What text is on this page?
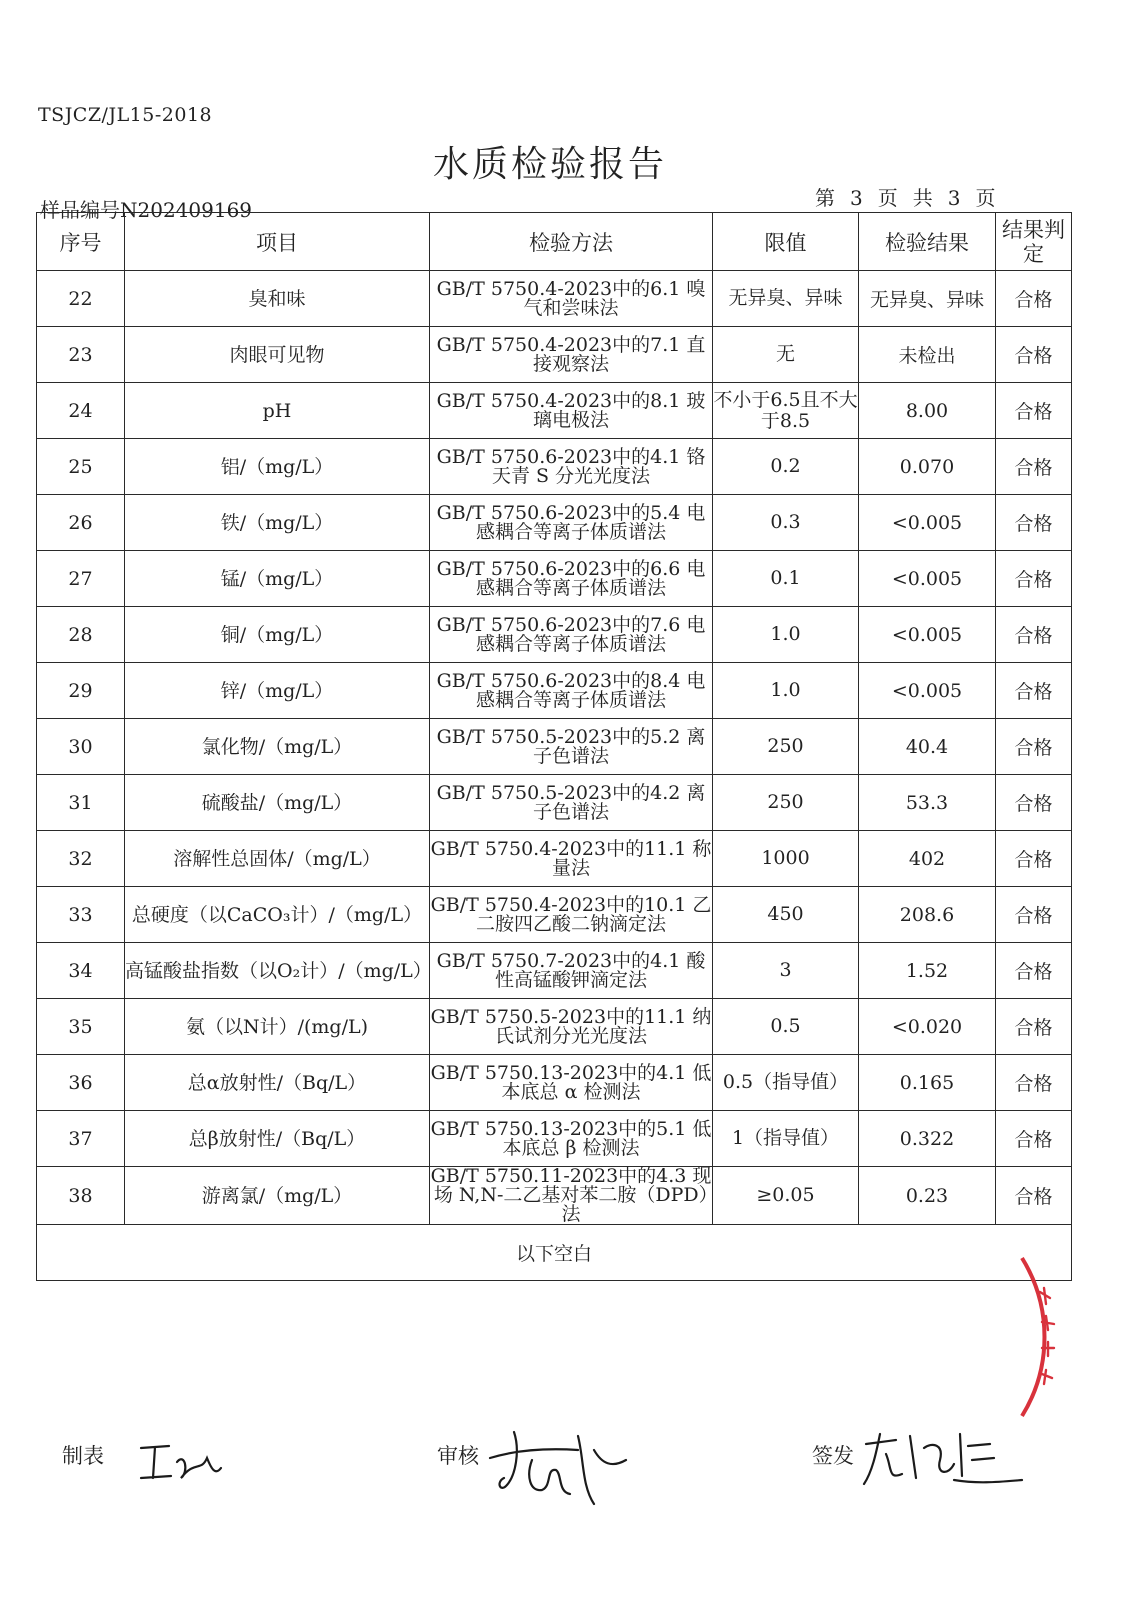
TSJCZ/JL15-2018
水质检验报告
样品编号N202409169	第 3 页 共 3 页
序号	项目	检验方法	限值	检验结果	结果判定
22	臭和味	GB/T 5750.4-2023中的6.1 嗅气和尝味法	无异臭、异味	无异臭、异味	合格
23	肉眼可见物	GB/T 5750.4-2023中的7.1 直接观察法	无	未检出	合格
24	pH	GB/T 5750.4-2023中的8.1 玻璃电极法	不小于6.5且不大于8.5	8.00	合格
25	铝/（mg/L）	GB/T 5750.6-2023中的4.1 铬天青 S 分光光度法	0.2	0.070	合格
26	铁/（mg/L）	GB/T 5750.6-2023中的5.4 电感耦合等离子体质谱法	0.3	<0.005	合格
27	锰/（mg/L）	GB/T 5750.6-2023中的6.6 电感耦合等离子体质谱法	0.1	<0.005	合格
28	铜/（mg/L）	GB/T 5750.6-2023中的7.6 电感耦合等离子体质谱法	1.0	<0.005	合格
29	锌/（mg/L）	GB/T 5750.6-2023中的8.4 电感耦合等离子体质谱法	1.0	<0.005	合格
30	氯化物/（mg/L）	GB/T 5750.5-2023中的5.2 离子色谱法	250	40.4	合格
31	硫酸盐/（mg/L）	GB/T 5750.5-2023中的4.2 离子色谱法	250	53.3	合格
32	溶解性总固体/（mg/L）	GB/T 5750.4-2023中的11.1 称量法	1000	402	合格
33	总硬度（以CaCO₃计）/（mg/L）	GB/T 5750.4-2023中的10.1 乙二胺四乙酸二钠滴定法	450	208.6	合格
34	高锰酸盐指数（以O₂计）/（mg/L）	GB/T 5750.7-2023中的4.1 酸性高锰酸钾滴定法	3	1.52	合格
35	氨（以N计）/(mg/L)	GB/T 5750.5-2023中的11.1 纳氏试剂分光光度法	0.5	<0.020	合格
36	总α放射性/（Bq/L）	GB/T 5750.13-2023中的4.1 低本底总 α 检测法	0.5（指导值）	0.165	合格
37	总β放射性/（Bq/L）	GB/T 5750.13-2023中的5.1 低本底总 β 检测法	1（指导值）	0.322	合格
38	游离氯/（mg/L）	GB/T 5750.11-2023中的4.3 现场 N,N-二乙基对苯二胺（DPD）法	≥0.05	0.23	合格
以下空白					
制表	审核	签发
